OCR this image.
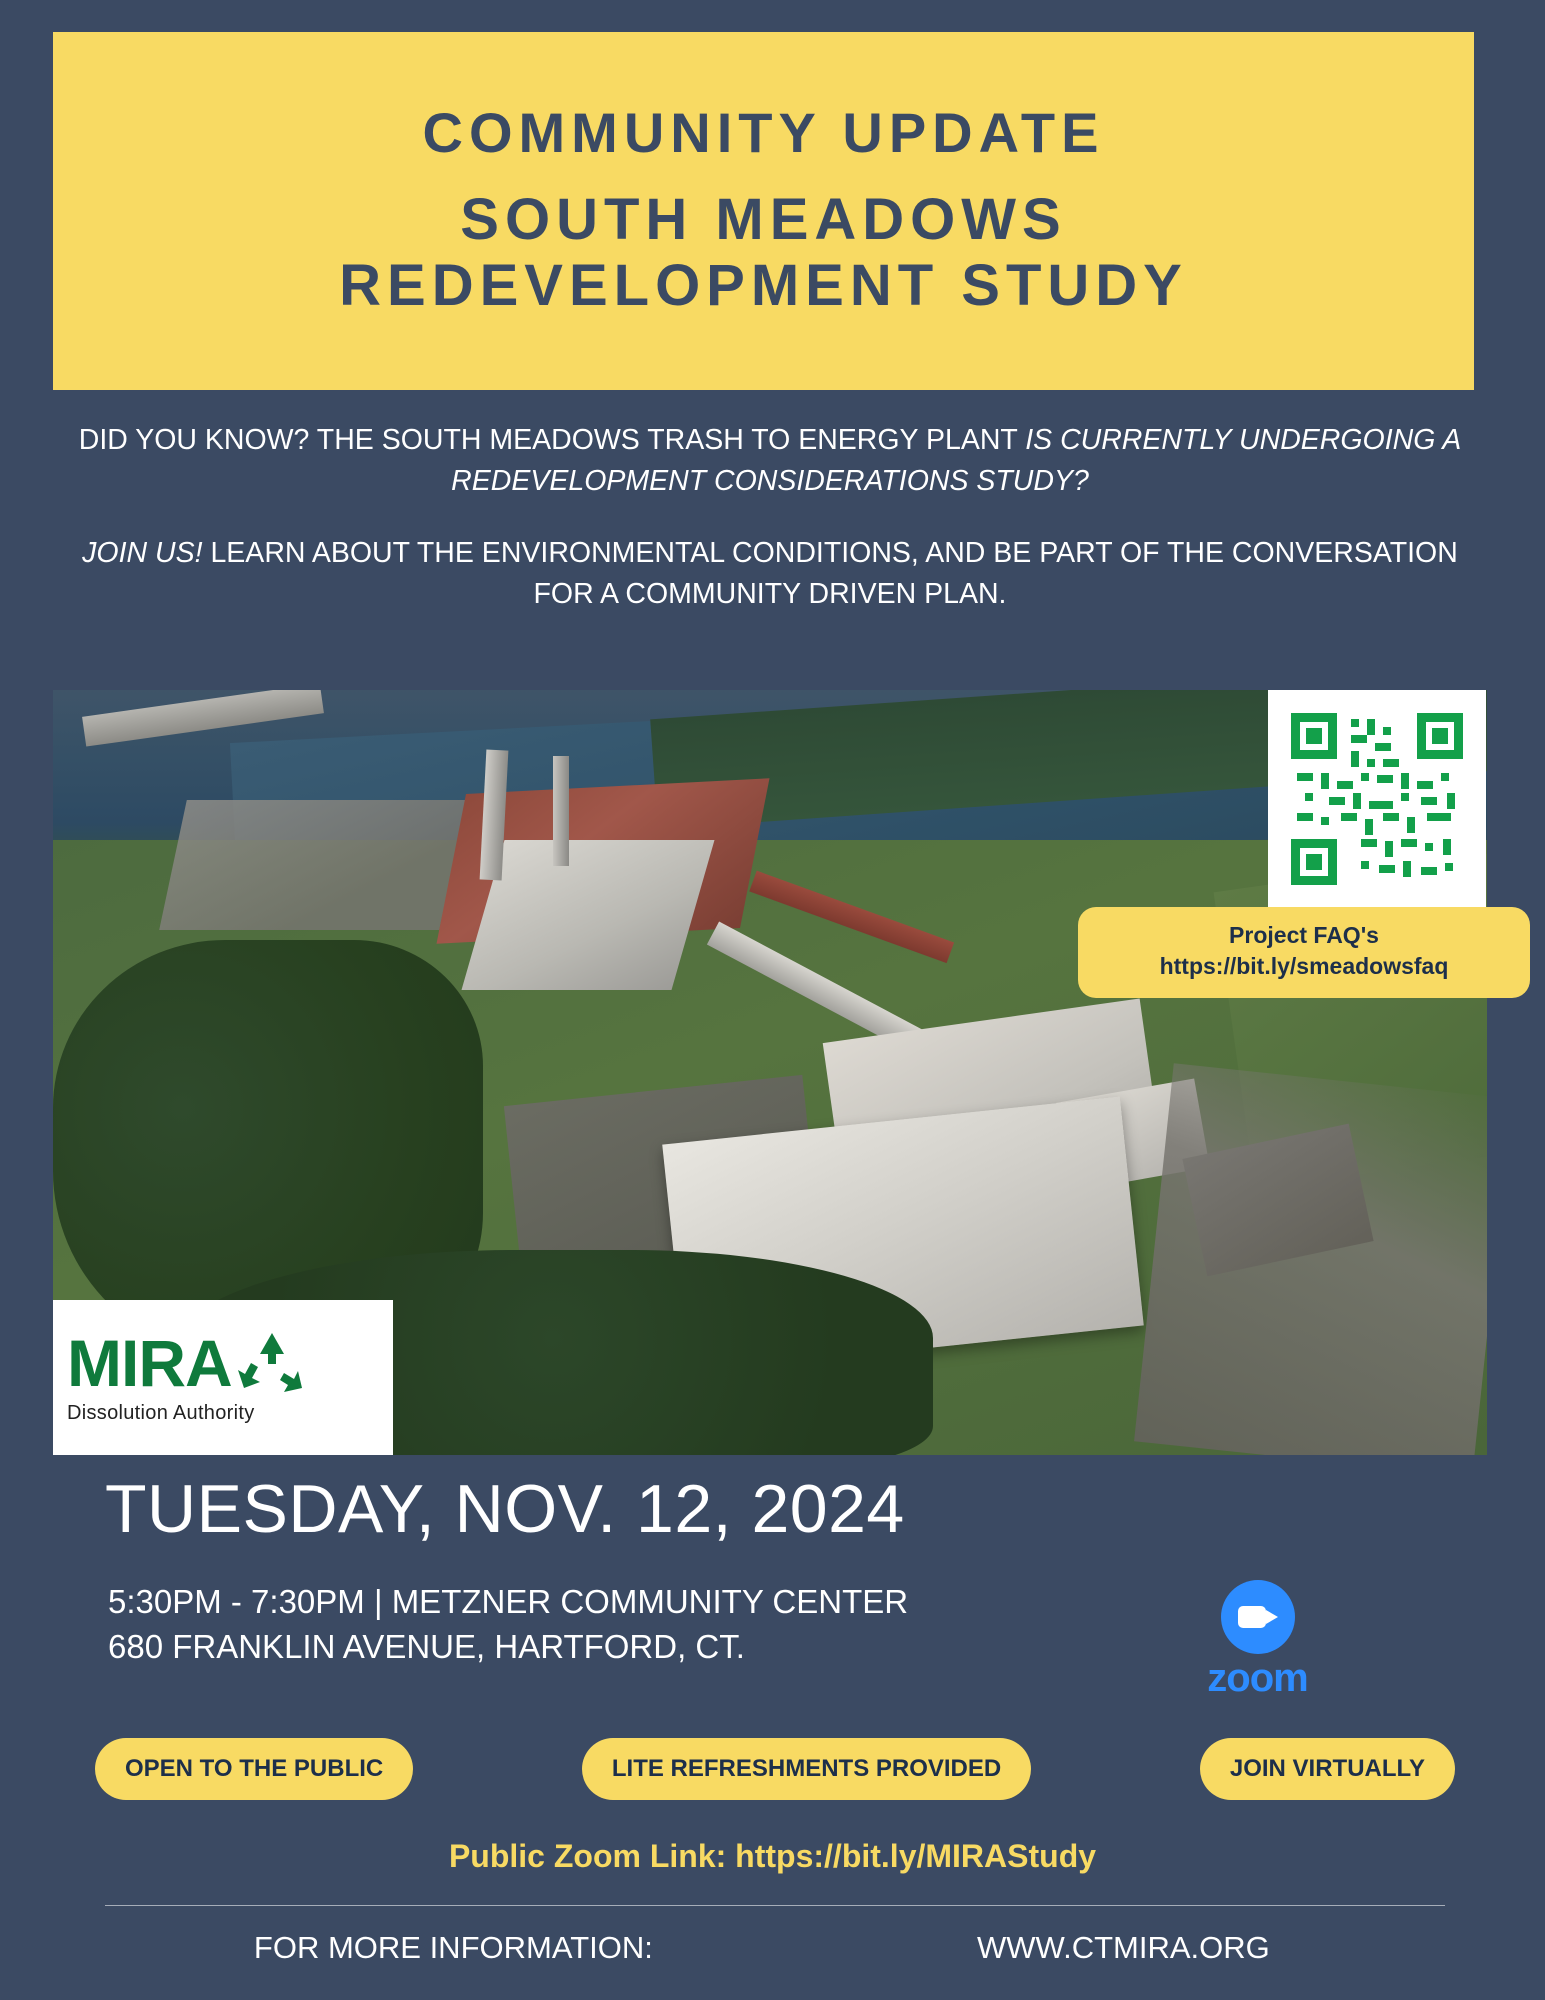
COMMUNITY UPDATE
SOUTH MEADOWS
REDEVELOPMENT STUDY

DID YOU KNOW? THE SOUTH MEADOWS TRASH TO ENERGY PLANT IS CURRENTLY UNDERGOING A REDEVELOPMENT CONSIDERATIONS STUDY?

JOIN US! LEARN ABOUT THE ENVIRONMENTAL CONDITIONS, AND BE PART OF THE CONVERSATION FOR A COMMUNITY DRIVEN PLAN.

Project FAQ's
https://bit.ly/smeadowsfaq
MIRA
Dissolution Authority
TUESDAY, NOV. 12, 2024
5:30PM - 7:30PM | METZNER COMMUNITY CENTER
680 FRANKLIN AVENUE, HARTFORD, CT.
zoom
OPEN TO THE PUBLIC	LITE REFRESHMENTS PROVIDED	JOIN VIRTUALLY
Public Zoom Link: https://bit.ly/MIRAStudy
FOR MORE INFORMATION:	WWW.CTMIRA.ORG
